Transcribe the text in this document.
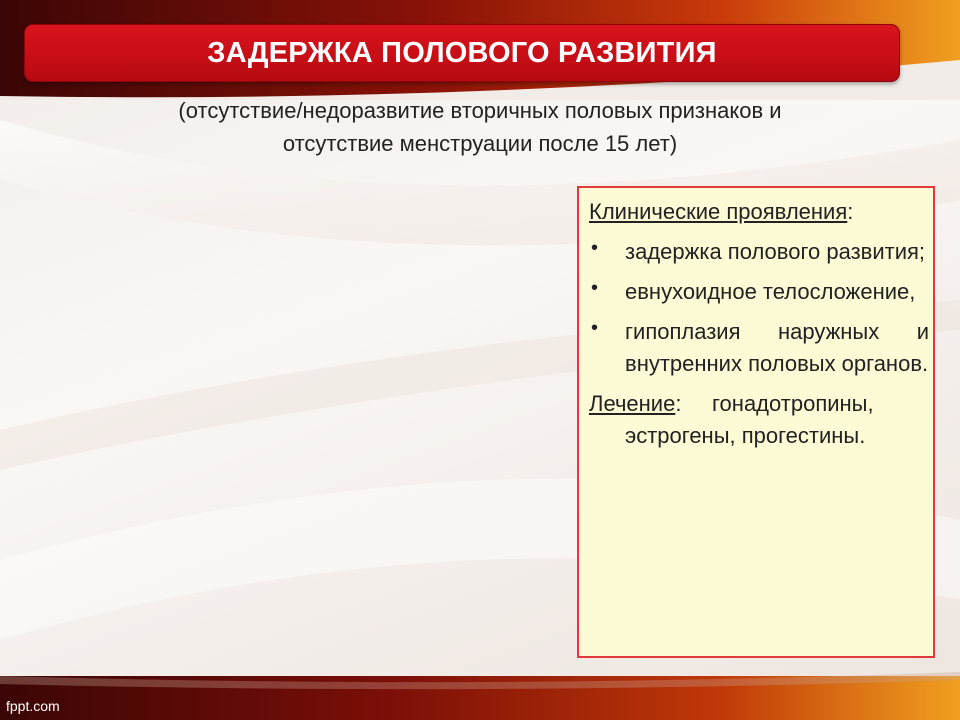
ЗАДЕРЖКА ПОЛОВОГО РАЗВИТИЯ
(отсутствие/недоразвитие вторичных половых признаков и
отсутствие менструации после 15 лет)
Клинические проявления:
• задержка полового развития;
• евнухоидное телосложение,
• гипоплазия наружных и внутренних половых органов.
Лечение: гонадотропины,
эстрогены, прогестины.
fppt.com
